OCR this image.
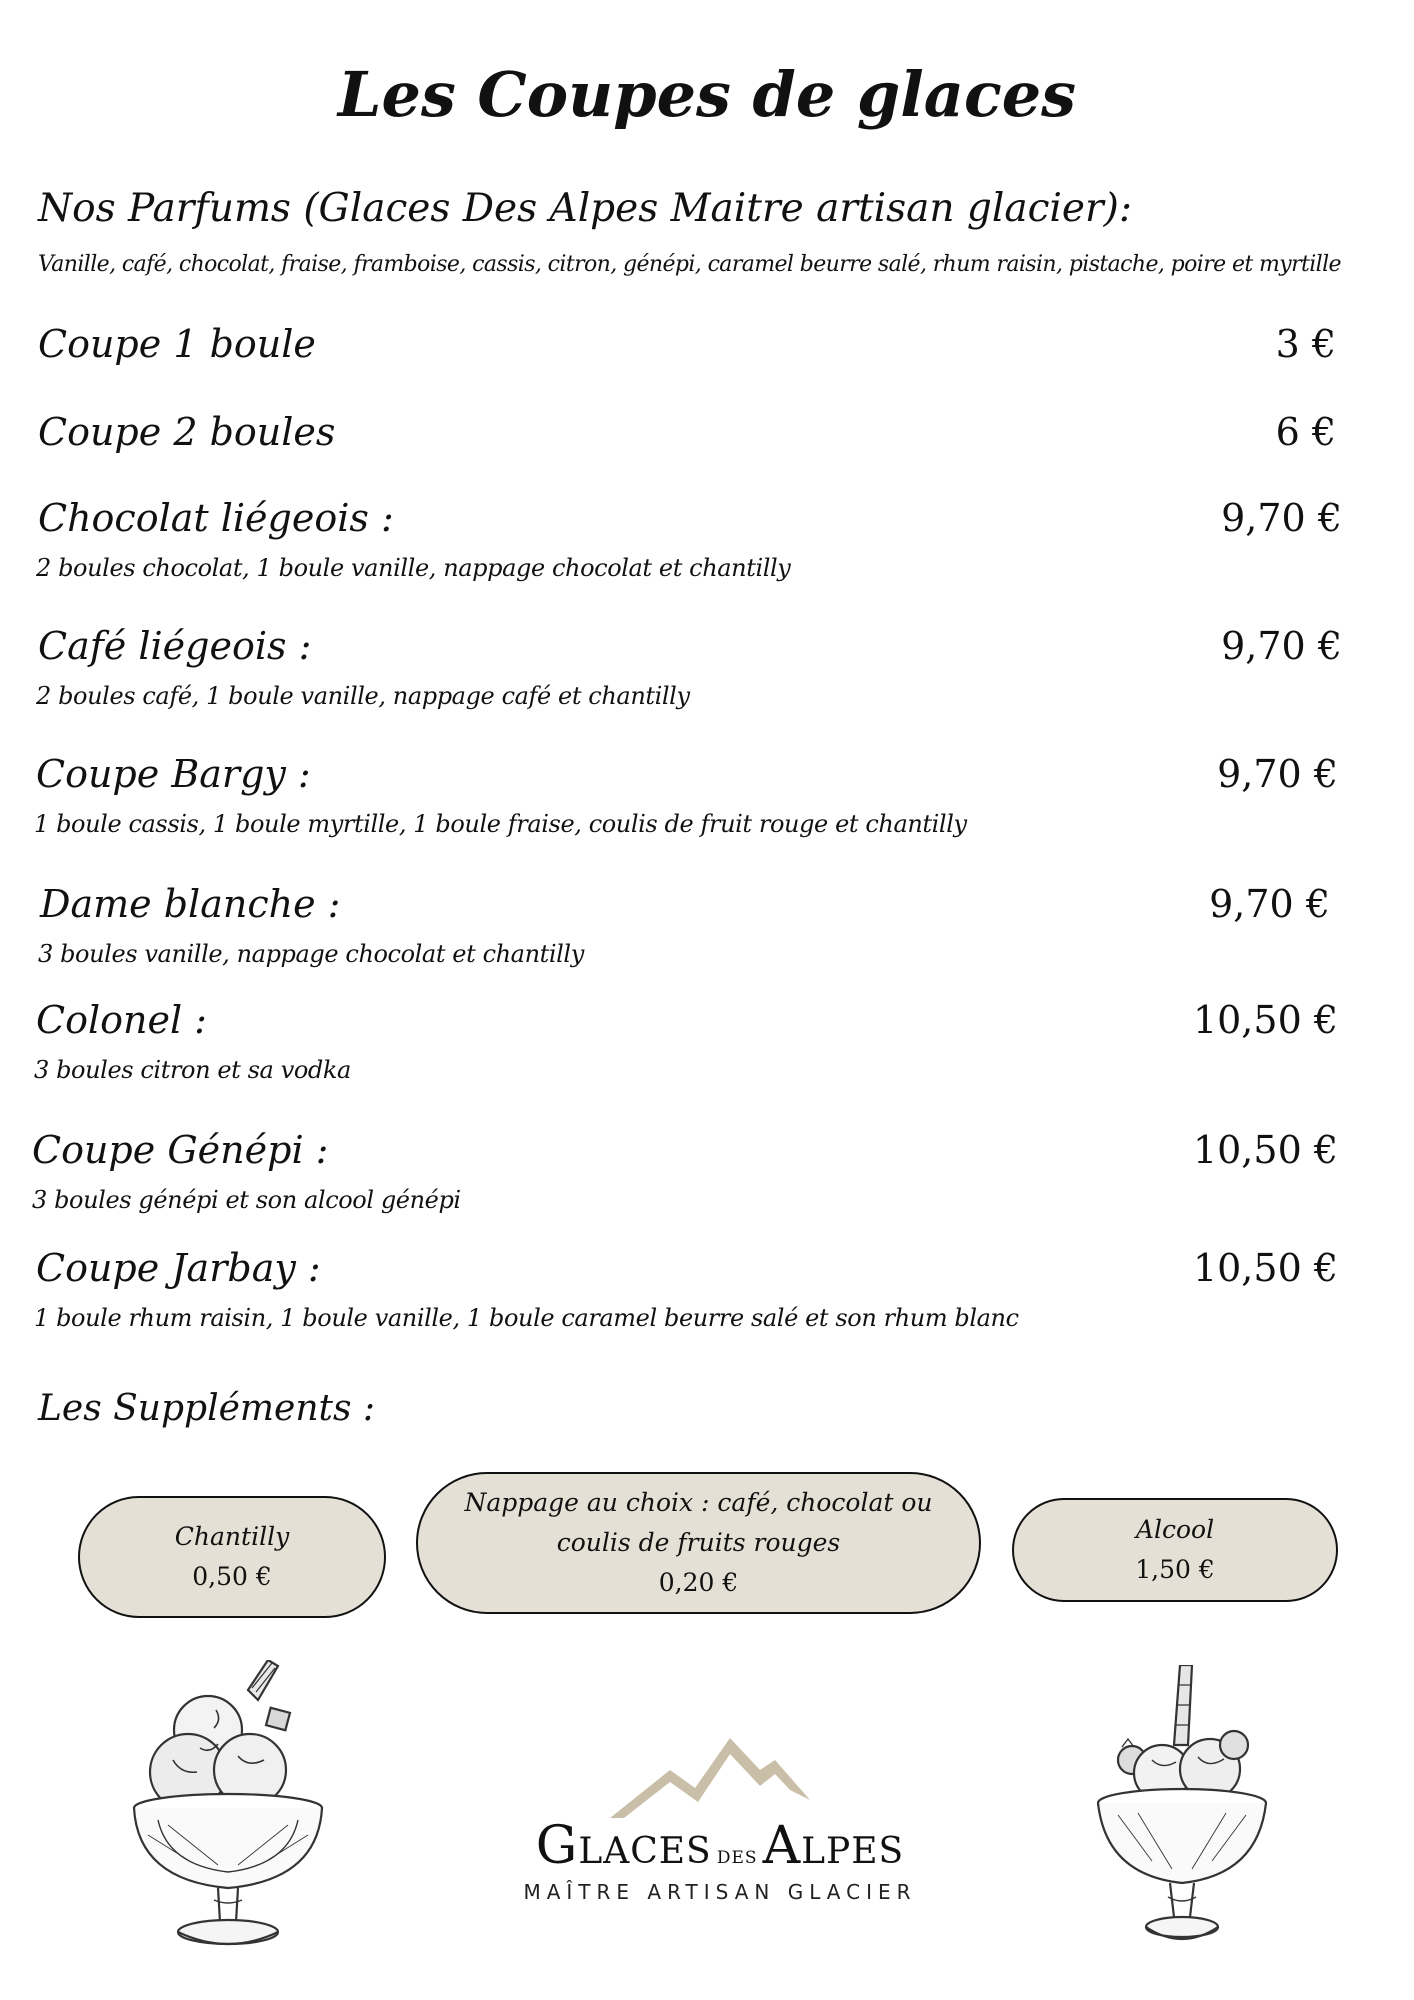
Les Coupes de glaces
Nos Parfums (Glaces Des Alpes Maitre artisan glacier):
Vanille, café, chocolat, fraise, framboise, cassis, citron, génépi, caramel beurre salé, rhum raisin, pistache, poire et myrtille
Coupe 1 boule	3 €
Coupe 2 boules	6 €
Chocolat liégeois :	9,70 €
2 boules chocolat, 1 boule vanille, nappage chocolat et chantilly
Café liégeois :	9,70 €
2 boules café, 1 boule vanille, nappage café et chantilly
Coupe Bargy :	9,70 €
1 boule cassis, 1 boule myrtille, 1 boule fraise, coulis de fruit rouge et chantilly
Dame blanche :	9,70 €
3 boules vanille, nappage chocolat et chantilly
Colonel :	10,50 €
3 boules citron et sa vodka
Coupe Génépi :	10,50 €
3 boules génépi et son alcool génépi
Coupe Jarbay :	10,50 €
1 boule rhum raisin, 1 boule vanille, 1 boule caramel beurre salé et son rhum blanc
Les Suppléments :
Chantilly
0,50 €
Nappage au choix : café, chocolat ou coulis de fruits rouges
0,20 €
Alcool
1,50 €
Glaces des Alpes
MAÎTRE ARTISAN GLACIER
